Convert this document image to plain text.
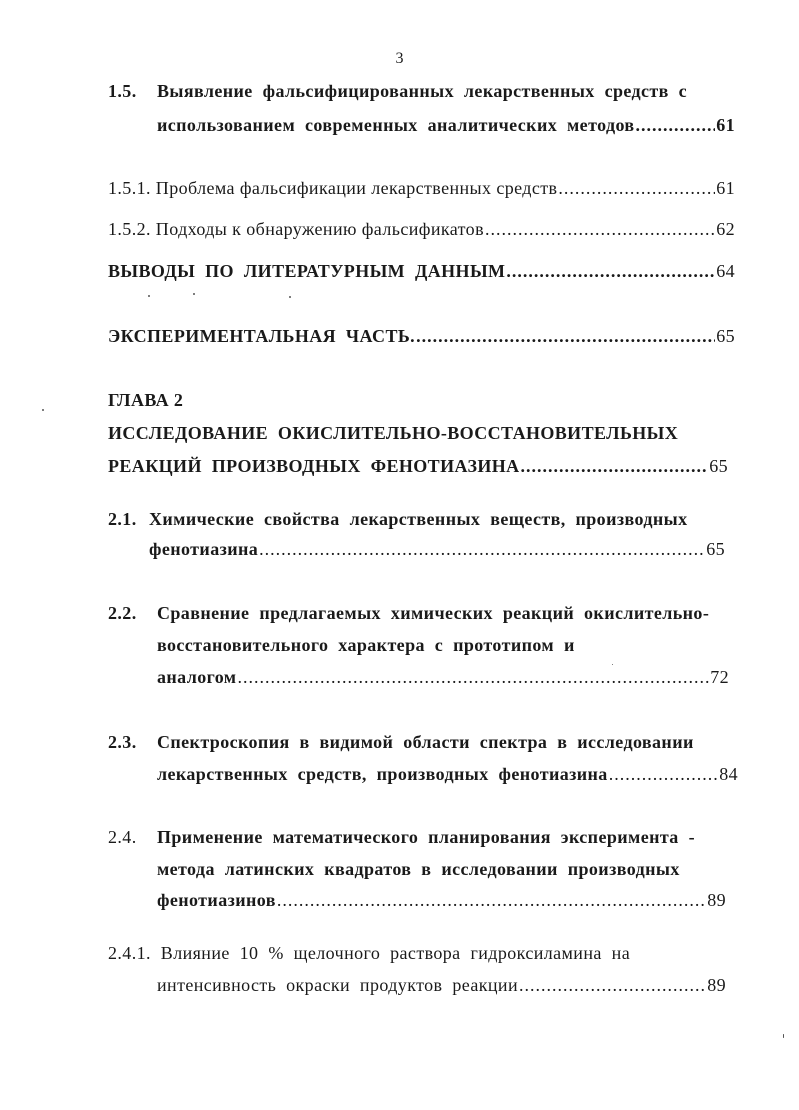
3
1.5.	Выявление фальсифицированных лекарственных средств с
использованием современных аналитических методов .....	61
1.5.1. Проблема фальсификации лекарственных средств .....	61
1.5.2. Подходы к обнаружению фальсификатов .....	62
ВЫВОДЫ ПО ЛИТЕРАТУРНЫМ ДАННЫМ .....	64
ЭКСПЕРИМЕНТАЛЬНАЯ ЧАСТЬ. .....	65
ГЛАВА 2
ИССЛЕДОВАНИЕ ОКИСЛИТЕЛЬНО-ВОССТАНОВИТЕЛЬНЫХ
РЕАКЦИЙ ПРОИЗВОДНЫХ ФЕНОТИАЗИНА .....	65
2.1. Химические свойства лекарственных веществ, производных
фенотиазина .....	65
2.2.	Сравнение предлагаемых химических реакций окислительно-
восстановительного характера с прототипом и
аналогом .....	72
2.3.	Спектроскопия в видимой области спектра в исследовании
лекарственных средств, производных фенотиазина .....	84
2.4.	Применение математического планирования эксперимента -
метода латинских квадратов в исследовании производных
фенотиазинов .....	89
2.4.1. Влияние 10 % щелочного раствора гидроксиламина на
интенсивность окраски продуктов реакции .....	89
